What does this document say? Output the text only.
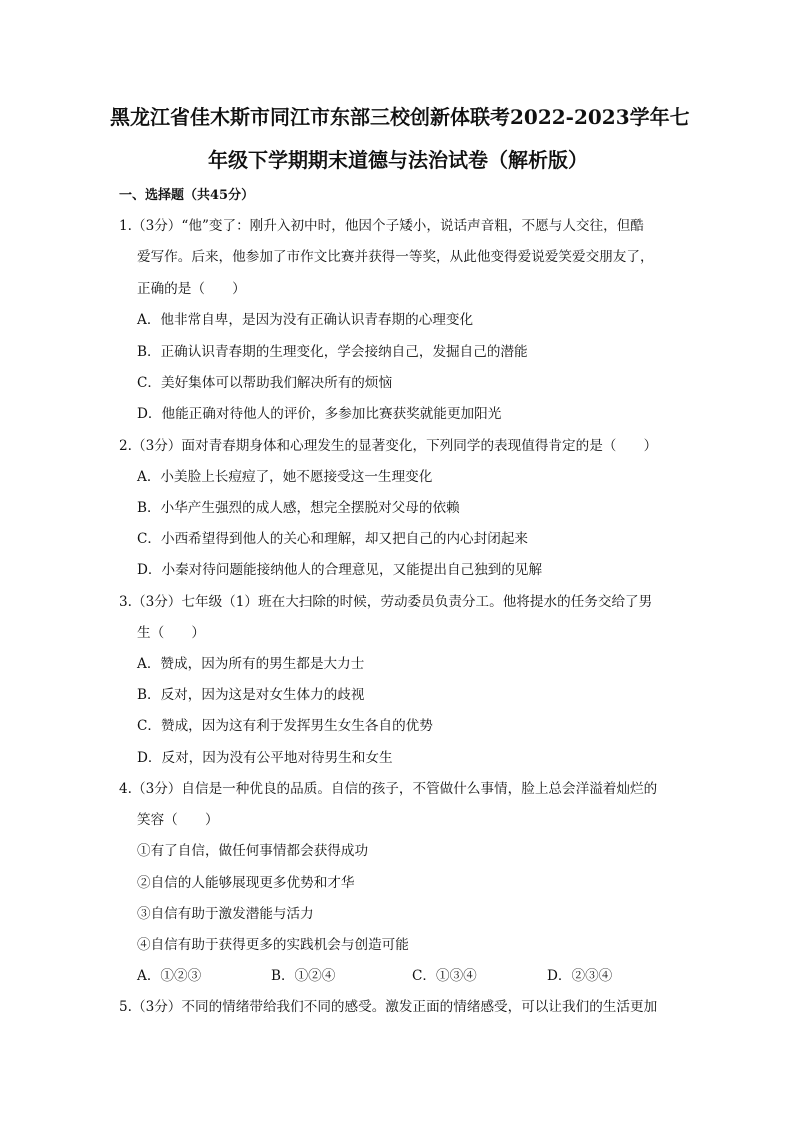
黑龙江省佳木斯市同江市东部三校创新体联考2022-2023学年七
年级下学期期末道德与法治试卷（解析版）
一、选择题（共45分）
1.（3分）“他”变了：刚升入初中时，他因个子矮小，说话声音粗，不愿与人交往，但酷
爱写作。后来，他参加了市作文比赛并获得一等奖，从此他变得爱说爱笑爱交朋友了，
正确的是（　　）
A．他非常自卑，是因为没有正确认识青春期的心理变化
B．正确认识青春期的生理变化，学会接纳自己，发掘自己的潜能
C．美好集体可以帮助我们解决所有的烦恼
D．他能正确对待他人的评价，多参加比赛获奖就能更加阳光
2.（3分）面对青春期身体和心理发生的显著变化，下列同学的表现值得肯定的是（　　）
A．小美脸上长痘痘了，她不愿接受这一生理变化
B．小华产生强烈的成人感，想完全摆脱对父母的依赖
C．小西希望得到他人的关心和理解，却又把自己的内心封闭起来
D．小秦对待问题能接纳他人的合理意见，又能提出自己独到的见解
3.（3分）七年级（1）班在大扫除的时候，劳动委员负责分工。他将提水的任务交给了男
生（　　）
A．赞成，因为所有的男生都是大力士
B．反对，因为这是对女生体力的歧视
C．赞成，因为这有利于发挥男生女生各自的优势
D．反对，因为没有公平地对待男生和女生
4.（3分）自信是一种优良的品质。自信的孩子，不管做什么事情，脸上总会洋溢着灿烂的
笑容（　　）
①有了自信，做任何事情都会获得成功
②自信的人能够展现更多优势和才华
③自信有助于激发潜能与活力
④自信有助于获得更多的实践机会与创造可能
A．①②③	B．①②④	C．①③④	D．②③④
5.（3分）不同的情绪带给我们不同的感受。激发正面的情绪感受，可以让我们的生活更加
